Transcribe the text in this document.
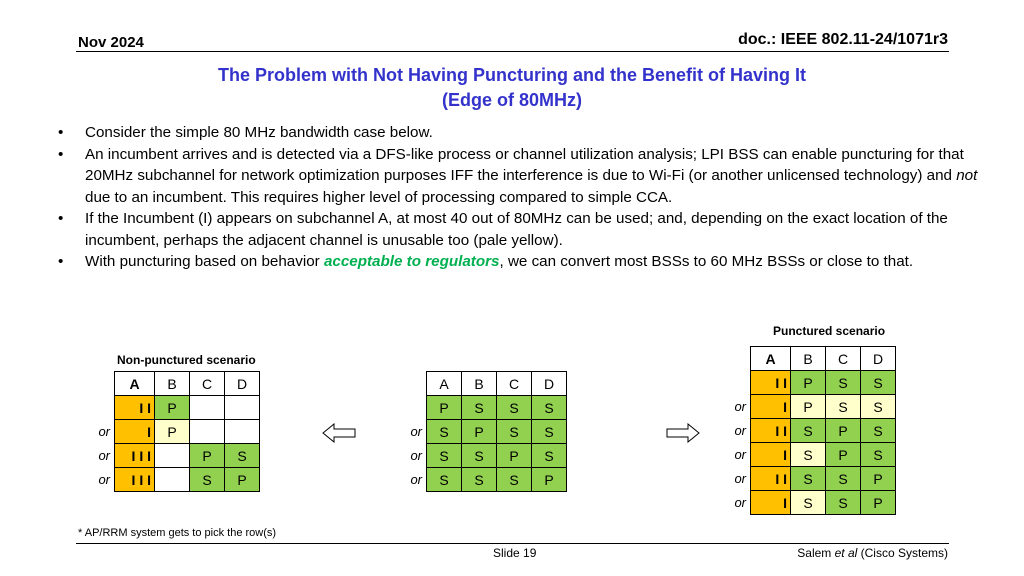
Nov 2024	doc.: IEEE 802.11-24/1071r3
The Problem with Not Having Puncturing and the Benefit of Having It
(Edge of 80MHz)
• Consider the simple 80 MHz bandwidth case below.
• An incumbent arrives and is detected via a DFS-like process or channel utilization analysis; LPI BSS can enable puncturing for that 20MHz subchannel for network optimization purposes IFF the interference is due to Wi-Fi (or another unlicensed technology) and not due to an incumbent. This requires higher level of processing compared to simple CCA.
• If the Incumbent (I) appears on subchannel A, at most 40 out of 80MHz can be used; and, depending on the exact location of the incumbent, perhaps the adjacent channel is unusable too (pale yellow).
• With puncturing based on behavior acceptable to regulators, we can convert most BSSs to 60 MHz BSSs or close to that.
Non-punctured scenario
	A	B	C	D
	I I	P		
or	I	P		
or	I I I		P	S
or	I I I		S	P
	A	B	C	D
	P	S	S	S
or	S	P	S	S
or	S	S	P	S
or	S	S	S	P
Punctured scenario
	A	B	C	D
	I I	P	S	S
or	I	P	S	S
or	I I	S	P	S
or	I	S	P	S
or	I I	S	S	P
or	I	S	S	P
* AP/RRM system gets to pick the row(s)
Slide 19	Salem et al (Cisco Systems)
